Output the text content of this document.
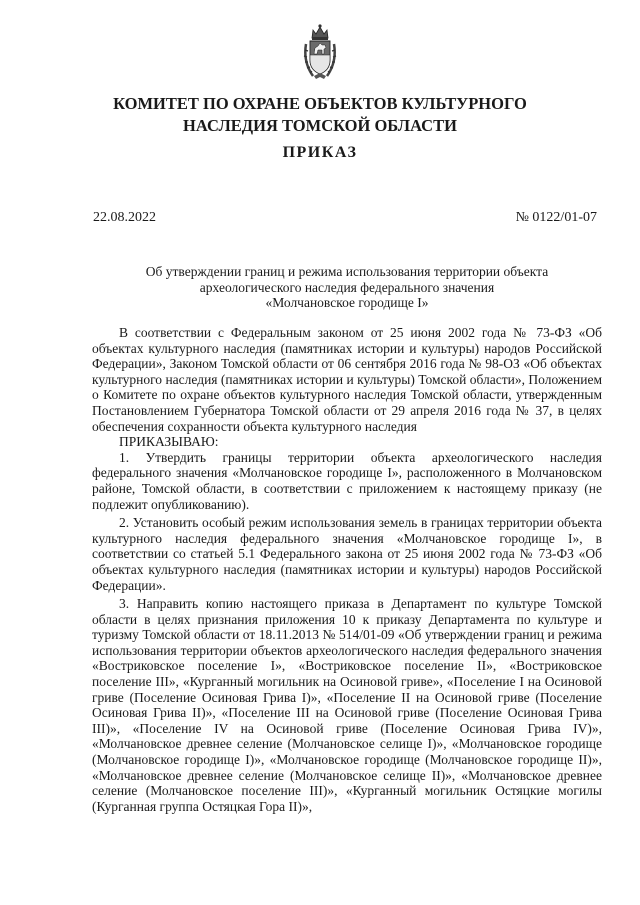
КОМИТЕТ ПО ОХРАНЕ ОБЪЕКТОВ КУЛЬТУРНОГО
НАСЛЕДИЯ ТОМСКОЙ ОБЛАСТИ
ПРИКАЗ
22.08.2022	№ 0122/01-07
Об утверждении границ и режима использования территории объекта
археологического наследия федерального значения
«Молчановское городище I»

В соответствии с Федеральным законом от 25 июня 2002 года № 73-ФЗ «Об объектах культурного наследия (памятниках истории и культуры) народов Российской Федерации», Законом Томской области от 06 сентября 2016 года № 98-ОЗ «Об объектах культурного наследия (памятниках истории и культуры) Томской области», Положением о Комитете по охране объектов культурного наследия Томской области, утвержденным Постановлением Губернатора Томской области от 29 апреля 2016 года № 37, в целях обеспечения сохранности объекта культурного наследия

ПРИКАЗЫВАЮ:

1. Утвердить границы территории объекта археологического наследия федерального значения «Молчановское городище I», расположенного в Молчановском районе, Томской области, в соответствии с приложением к настоящему приказу (не подлежит опубликованию).

2. Установить особый режим использования земель в границах территории объекта культурного наследия федерального значения «Молчановское городище I», в соответствии со статьей 5.1 Федерального закона от 25 июня 2002 года № 73-ФЗ «Об объектах культурного наследия (памятниках истории и культуры) народов Российской Федерации».

3. Направить копию настоящего приказа в Департамент по культуре Томской области в целях признания приложения 10 к приказу Департамента по культуре и туризму Томской области от 18.11.2013 № 514/01-09 «Об утверждении границ и режима использования территории объектов археологического наследия федерального значения «Востриковское поселение I», «Востриковское поселение II», «Востриковское поселение III», «Курганный могильник на Осиновой гриве», «Поселение I на Осиновой гриве (Поселение Осиновая Грива I)», «Поселение II на Осиновой гриве (Поселение Осиновая Грива II)», «Поселение III на Осиновой гриве (Поселение Осиновая Грива III)», «Поселение IV на Осиновой гриве (Поселение Осиновая Грива IV)», «Молчановское древнее селение (Молчановское селище I)», «Молчановское городище (Молчановское городище I)», «Молчановское городище (Молчановское городище II)», «Молчановское древнее селение (Молчановское селище II)», «Молчановское древнее селение (Молчановское поселение III)», «Курганный могильник Остяцкие могилы (Курганная группа Остяцкая Гора II)»,
